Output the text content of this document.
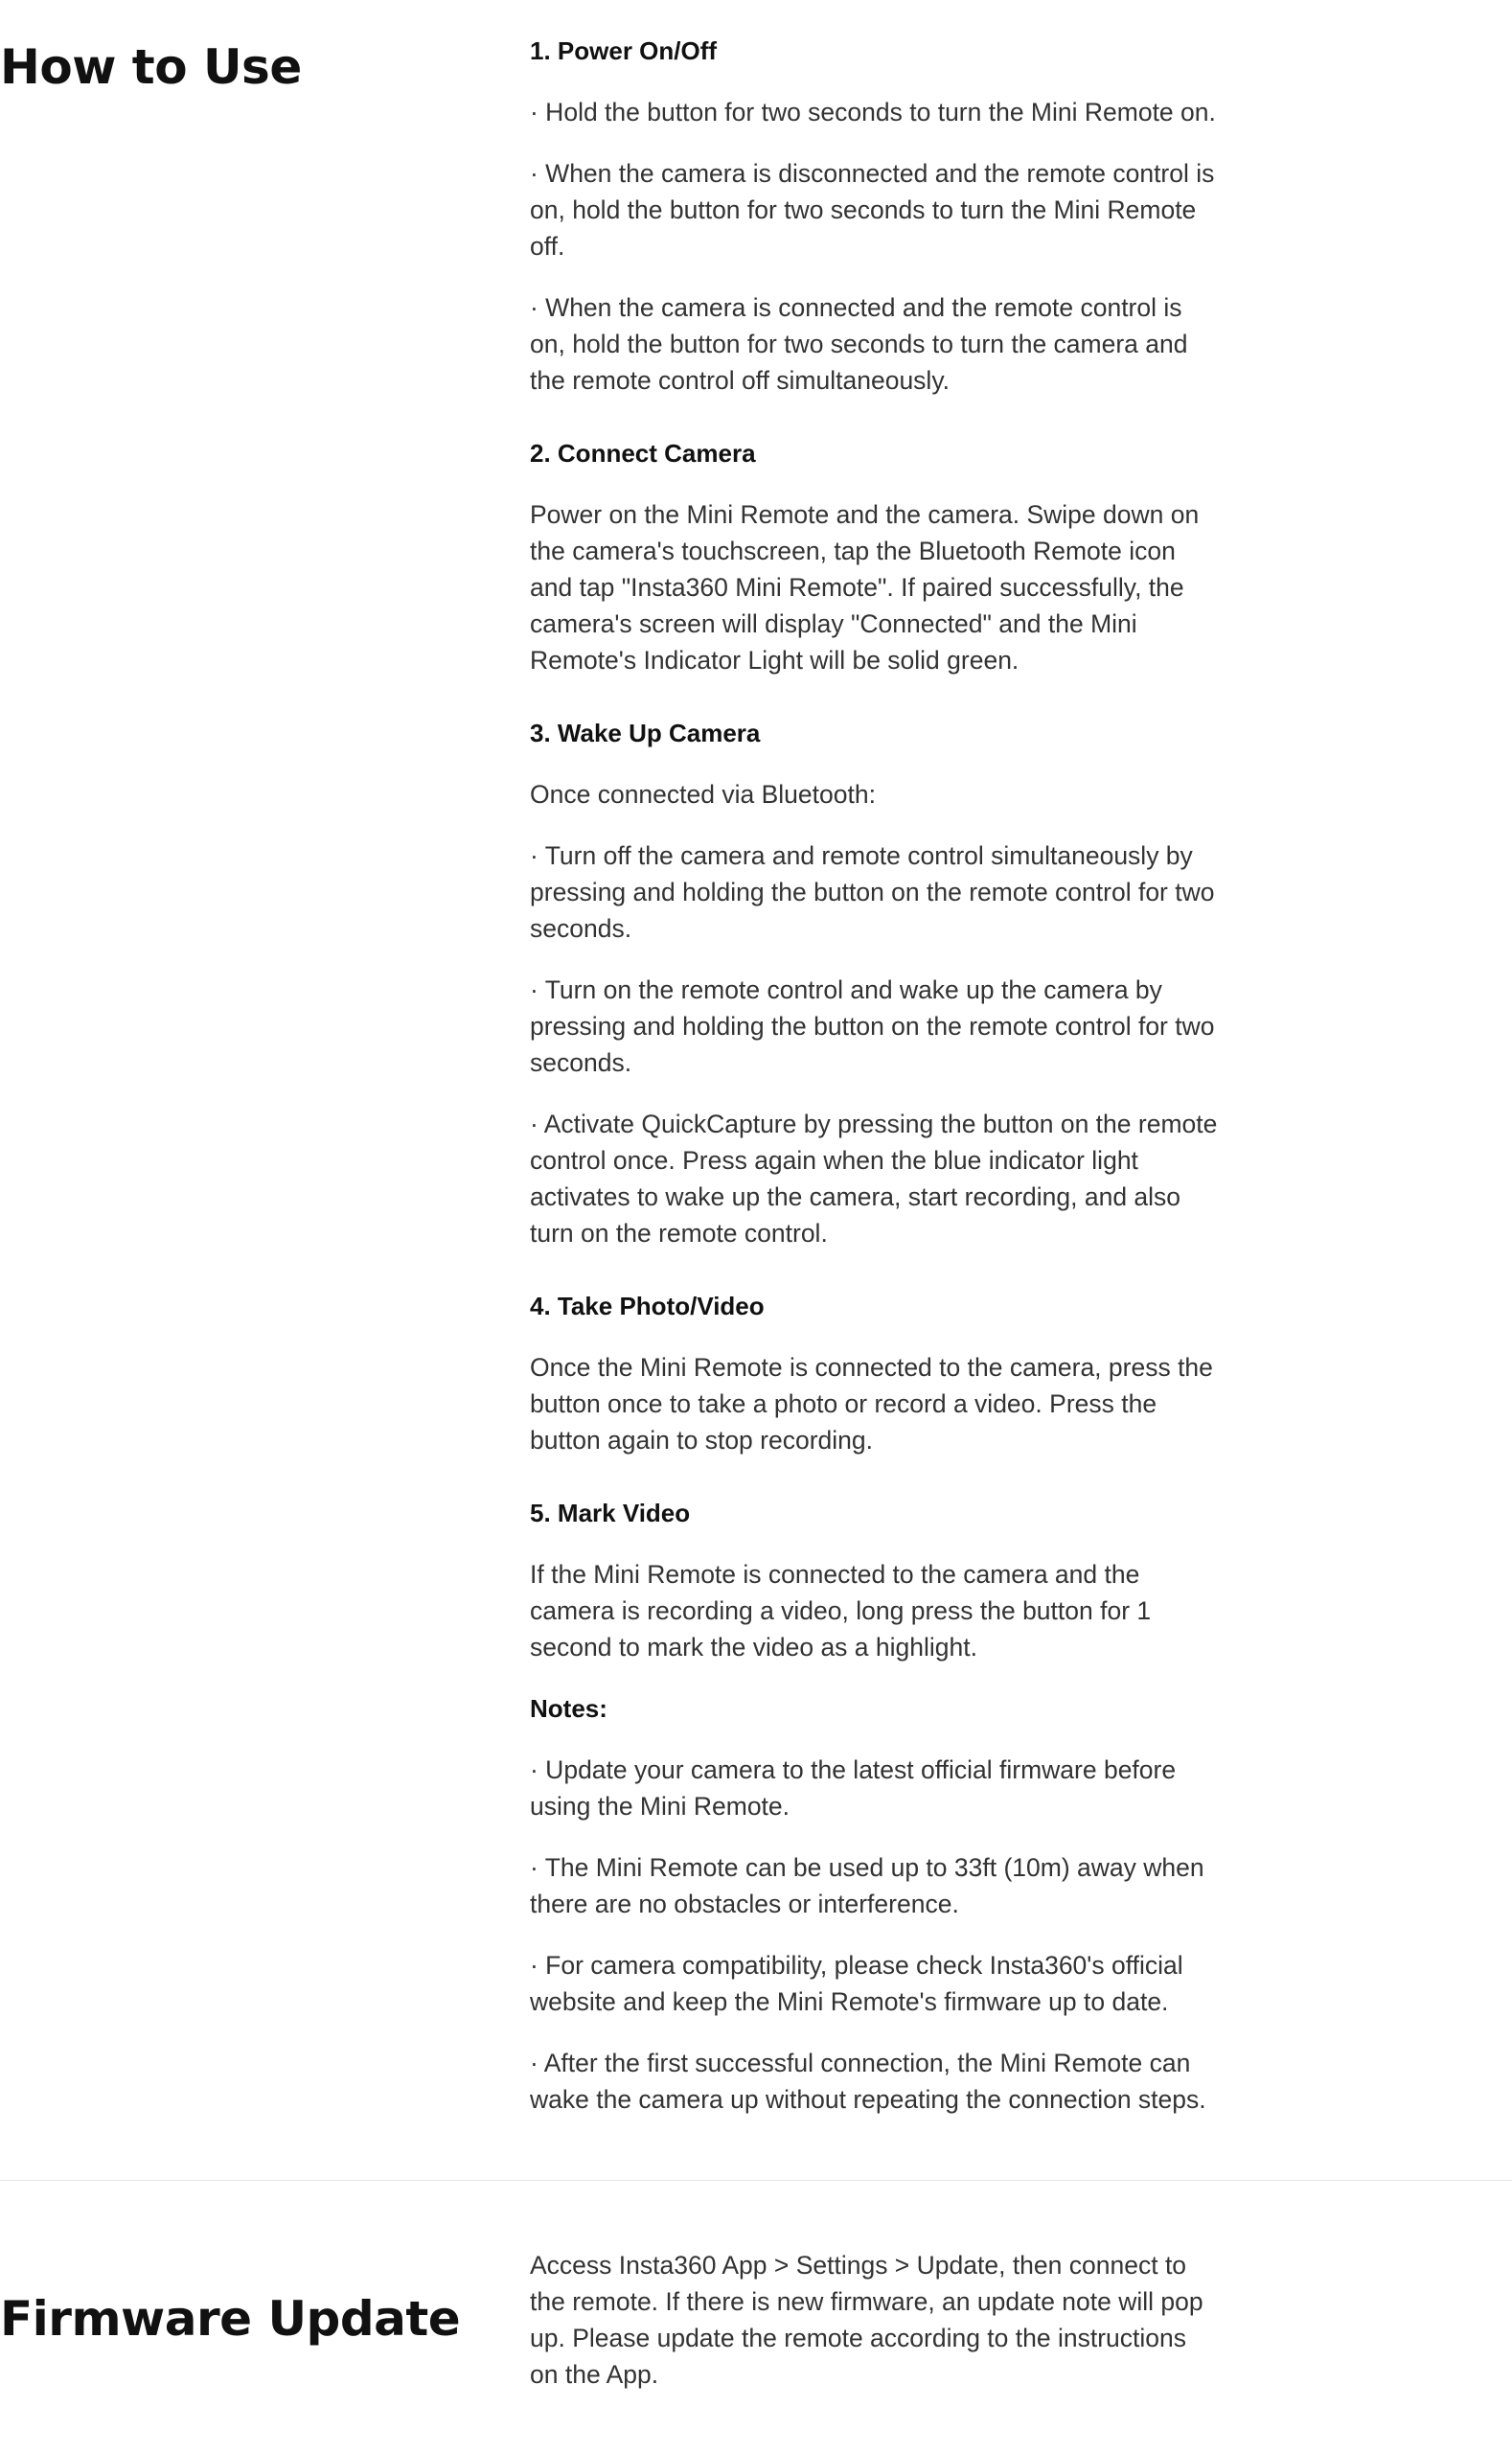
How to Use	1. Power On/Off

· Hold the button for two seconds to turn the Mini Remote on.

· When the camera is disconnected and the remote control is on, hold the button for two seconds to turn the Mini Remote off.

· When the camera is connected and the remote control is on, hold the button for two seconds to turn the camera and the remote control off simultaneously.

2. Connect Camera

Power on the Mini Remote and the camera. Swipe down on the camera's touchscreen, tap the Bluetooth Remote icon and tap "Insta360 Mini Remote". If paired successfully, the camera's screen will display "Connected" and the Mini Remote's Indicator Light will be solid green.

3. Wake Up Camera

Once connected via Bluetooth:

· Turn off the camera and remote control simultaneously by pressing and holding the button on the remote control for two seconds.

· Turn on the remote control and wake up the camera by pressing and holding the button on the remote control for two seconds.

· Activate QuickCapture by pressing the button on the remote control once. Press again when the blue indicator light activates to wake up the camera, start recording, and also turn on the remote control.

4. Take Photo/Video

Once the Mini Remote is connected to the camera, press the button once to take a photo or record a video. Press the button again to stop recording.

5. Mark Video

If the Mini Remote is connected to the camera and the camera is recording a video, long press the button for 1 second to mark the video as a highlight.

Notes:

· Update your camera to the latest official firmware before using the Mini Remote.

· The Mini Remote can be used up to 33ft (10m) away when there are no obstacles or interference.

· For camera compatibility, please check Insta360's official website and keep the Mini Remote's firmware up to date.

· After the first successful connection, the Mini Remote can wake the camera up without repeating the connection steps.

Firmware Update

Access Insta360 App > Settings > Update, then connect to the remote. If there is new firmware, an update note will pop up. Please update the remote according to the instructions on the App.
